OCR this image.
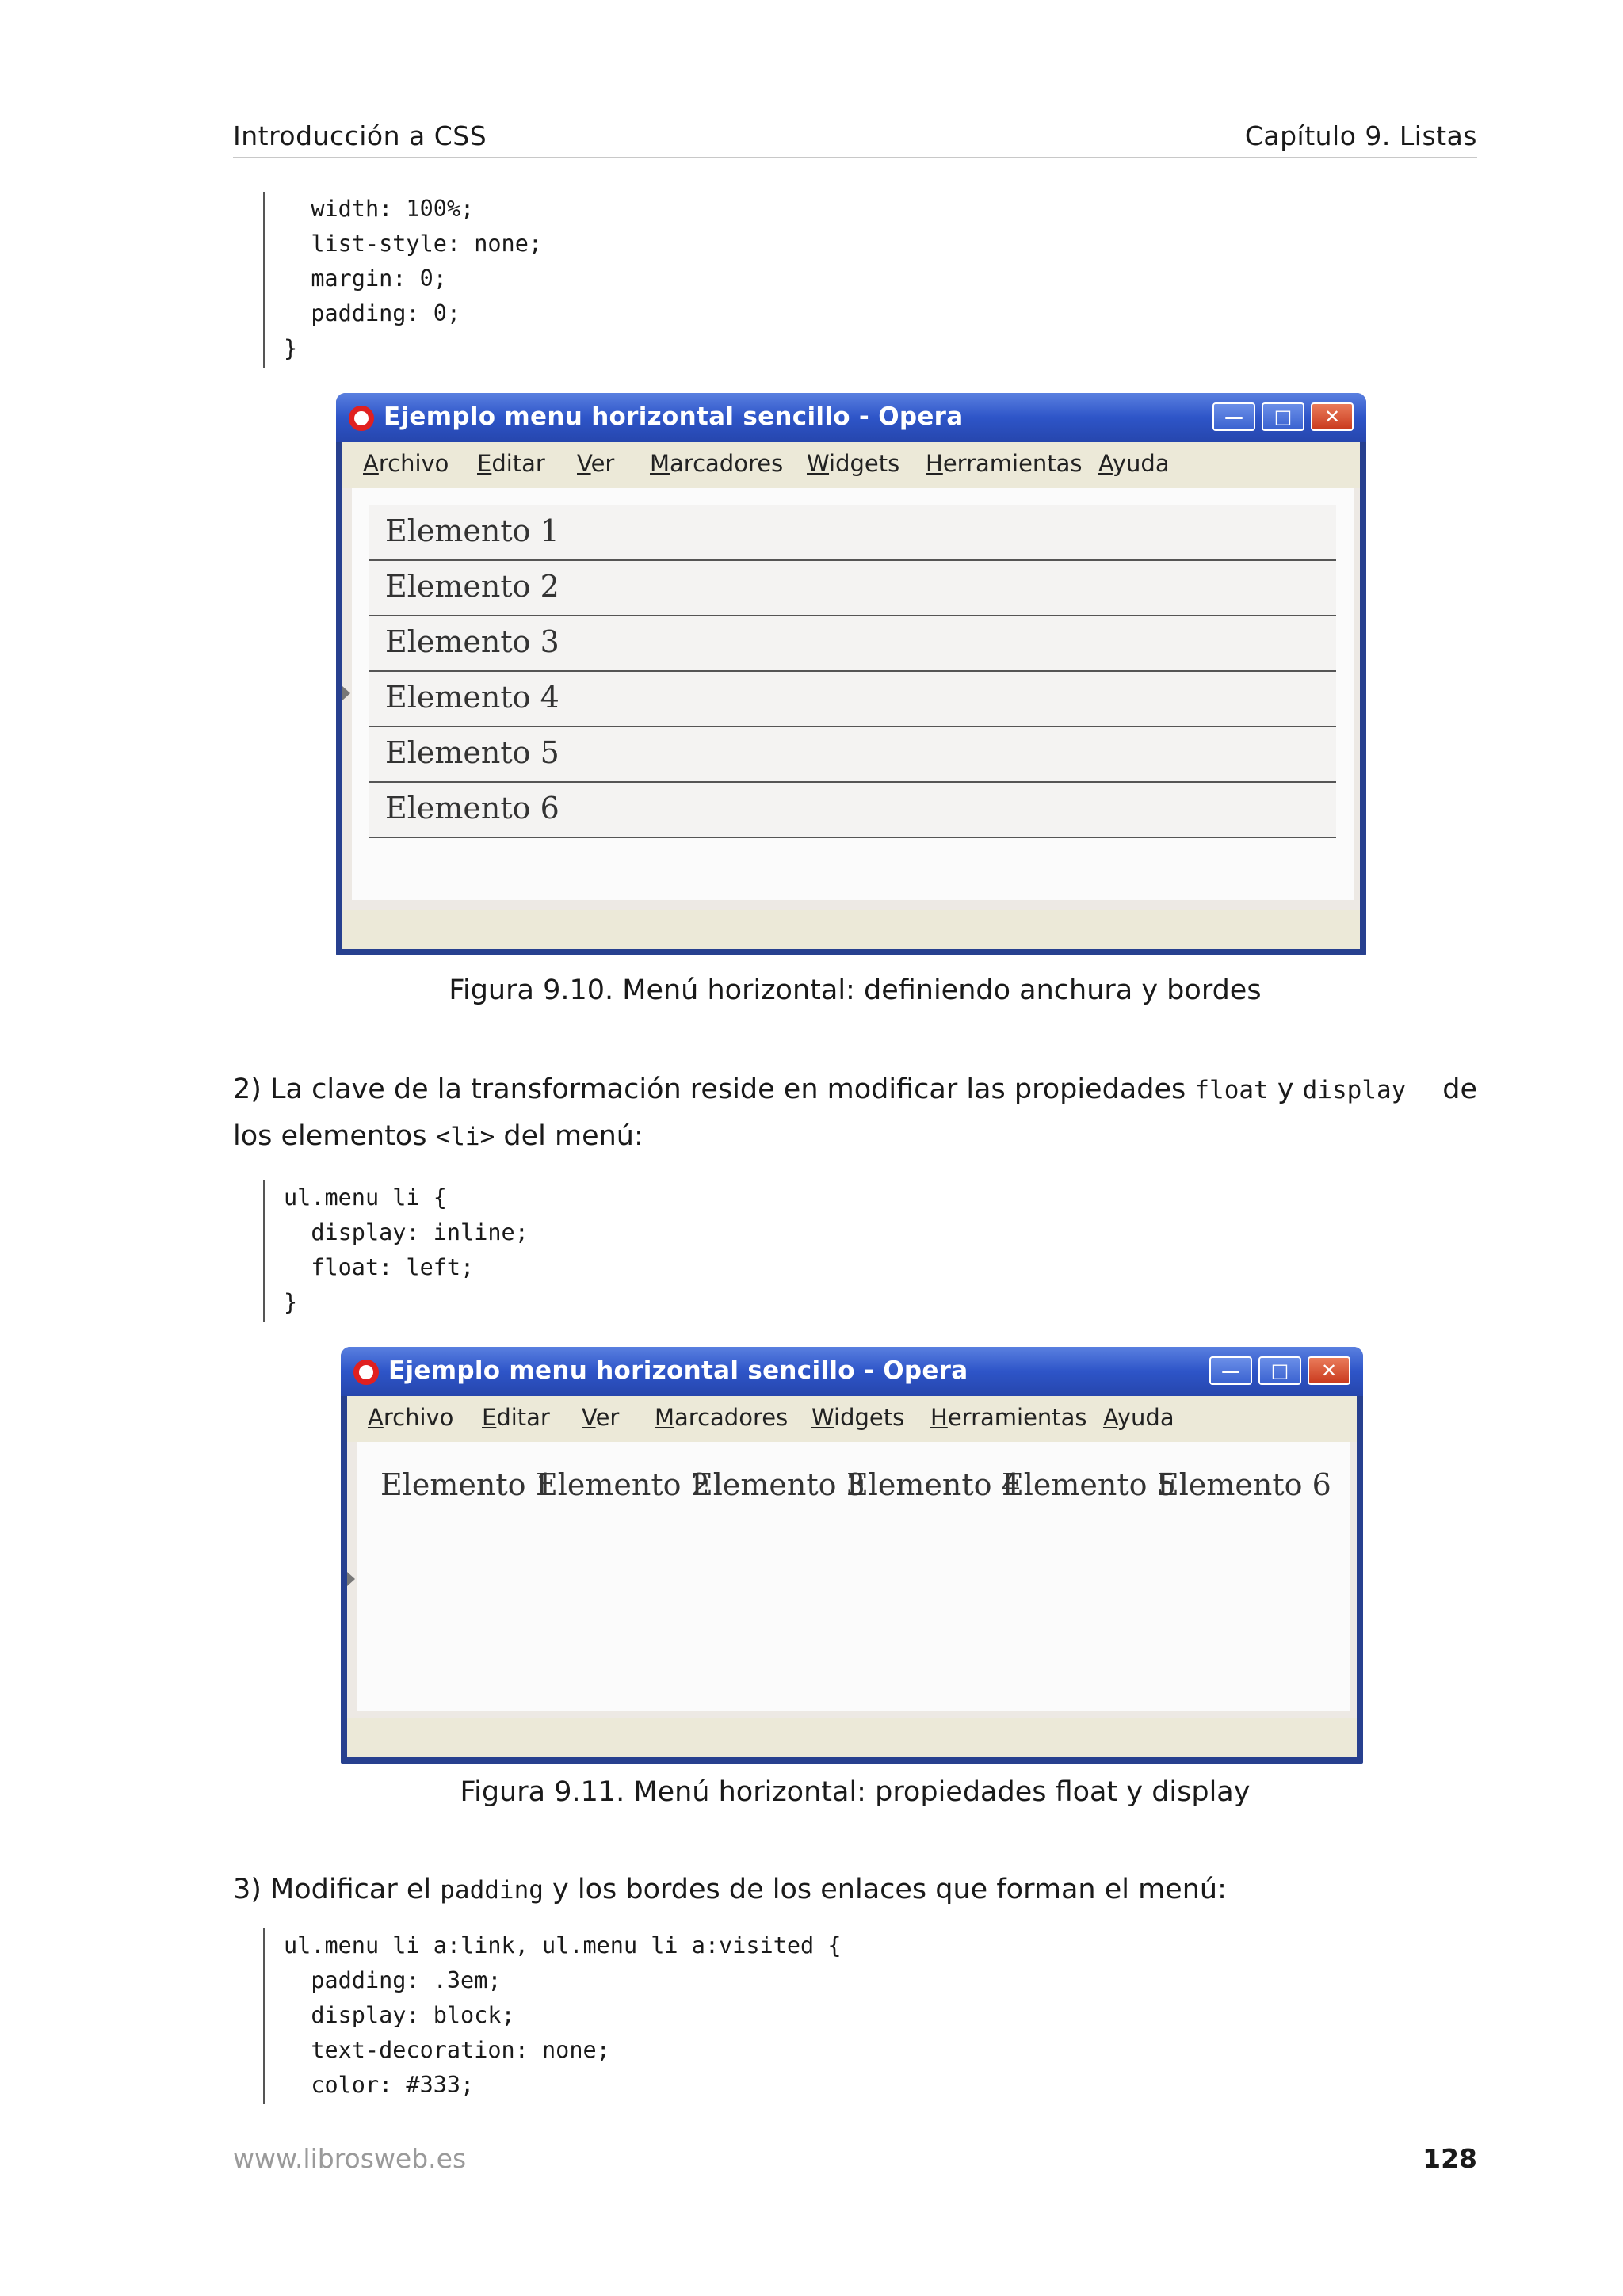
Introducción a CSS	Capítulo 9. Listas
width: 100%;
list-style: none;
margin: 0;
padding: 0;
}
Ejemplo menu horizontal sencillo - Opera	—	□	✕
Archivo Editar Ver Marcadores Widgets Herramientas Ayuda
Elemento 1
Elemento 2
Elemento 3
Elemento 4
Elemento 5
Elemento 6
Figura 9.10. Menú horizontal: definiendo anchura y bordes
2) La clave de la transformación reside en modificar las propiedades float y display de
los elementos <li> del menú:
ul.menu li {
display: inline;
float: left;
}
Ejemplo menu horizontal sencillo - Opera	—	□	✕
Archivo Editar Ver Marcadores Widgets Herramientas Ayuda
Elemento 1
Elemento 2
Elemento 3
Elemento 4
Elemento 5
Elemento 6
Figura 9.11. Menú horizontal: propiedades float y display
3) Modificar el padding y los bordes de los enlaces que forman el menú:
ul.menu li a:link, ul.menu li a:visited {
padding: .3em;
display: block;
text-decoration: none;
color: #333;
www.librosweb.es	128
